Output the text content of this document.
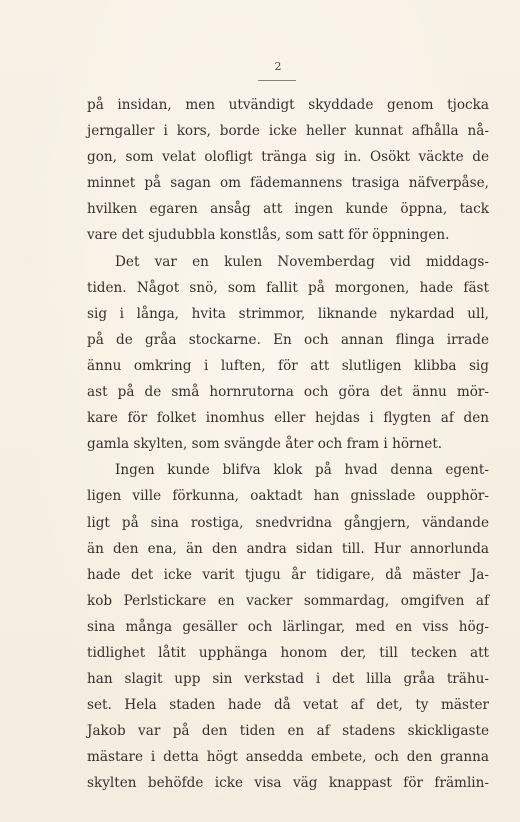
2
på insidan, men utvändigt skyddade genom tjocka
jerngaller i kors, borde icke heller kunnat afhålla nå-
gon, som velat olofligt tränga sig in. Osökt väckte de
minnet på sagan om fädemannens trasiga näfverpåse,
hvilken egaren ansåg att ingen kunde öppna, tack
vare det sjudubbla konstlås, som satt för öppningen.
Det var en kulen Novemberdag vid middags-
tiden. Något snö, som fallit på morgonen, hade fäst
sig i långa, hvita strimmor, liknande nykardad ull,
på de gråa stockarne. En och annan flinga irrade
ännu omkring i luften, för att slutligen klibba sig
ast på de små hornrutorna och göra det ännu mör-
kare för folket inomhus eller hejdas i flygten af den
gamla skylten, som svängde åter och fram i hörnet.
Ingen kunde blifva klok på hvad denna egent-
ligen ville förkunna, oaktadt han gnisslade oupphör-
ligt på sina rostiga, snedvridna gångjern, vändande
än den ena, än den andra sidan till. Hur annorlunda
hade det icke varit tjugu år tidigare, då mäster Ja-
kob Perlstickare en vacker sommardag, omgifven af
sina många gesäller och lärlingar, med en viss hög-
tidlighet låtit upphänga honom der, till tecken att
han slagit upp sin verkstad i det lilla gråa trähu-
set. Hela staden hade då vetat af det, ty mäster
Jakob var på den tiden en af stadens skickligaste
mästare i detta högt ansedda embete, och den granna
skylten behöfde icke visa väg knappast för främlin-
